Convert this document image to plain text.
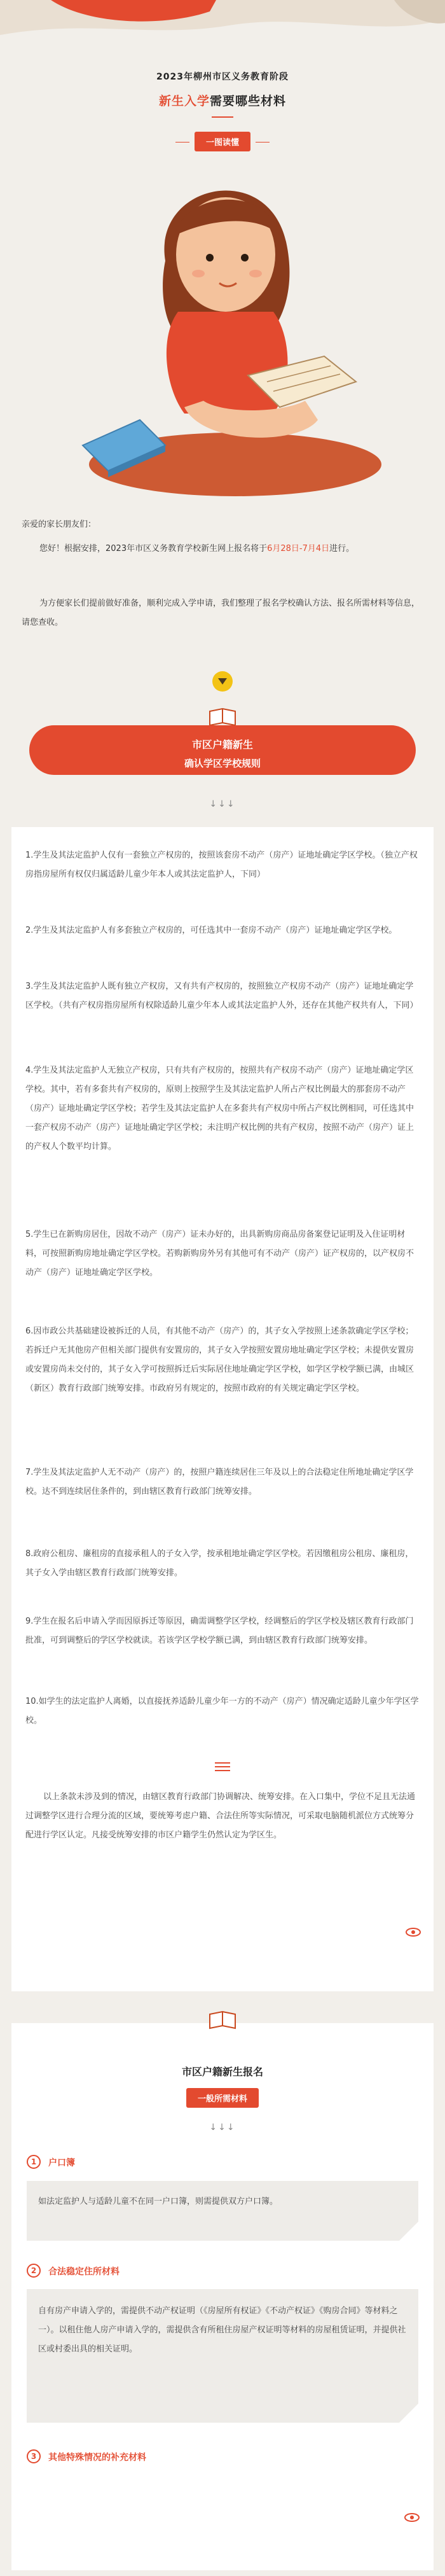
2023年柳州市区义务教育阶段
新生入学需要哪些材料
一图读懂
亲爱的家长朋友们：
您好！根据安排，2023年市区义务教育学校新生网上报名将于6月28日-7月4日进行。
为方便家长们提前做好准备，顺利完成入学申请，我们整理了报名学校确认方法、报名所需材料等信息，请您查收。
市区户籍新生
确认学区学校规则
↓↓↓

1.学生及其法定监护人仅有一套独立产权房的，按照该套房不动产（房产）证地址确定学区学校。（独立产权房指房屋所有权仅归属适龄儿童少年本人或其法定监护人，下同）

2.学生及其法定监护人有多套独立产权房的，可任选其中一套房不动产（房产）证地址确定学区学校。

3.学生及其法定监护人既有独立产权房，又有共有产权房的，按照独立产权房不动产（房产）证地址确定学区学校。（共有产权房指房屋所有权除适龄儿童少年本人或其法定监护人外，还存在其他产权共有人，下同）

4.学生及其法定监护人无独立产权房，只有共有产权房的，按照共有产权房不动产（房产）证地址确定学区学校。其中，若有多套共有产权房的，原则上按照学生及其法定监护人所占产权比例最大的那套房不动产（房产）证地址确定学区学校；若学生及其法定监护人在多套共有产权房中所占产权比例相同，可任选其中一套产权房不动产（房产）证地址确定学区学校；未注明产权比例的共有产权房，按照不动产（房产）证上的产权人个数平均计算。

5.学生已在新购房居住，因故不动产（房产）证未办好的，出具新购房商品房备案登记证明及入住证明材料，可按照新购房地址确定学区学校。若购新购房外另有其他可有不动产（房产）证产权房的，以产权房不动产（房产）证地址确定学区学校。

6.因市政公共基础建设被拆迁的人员，有其他不动产（房产）的，其子女入学按照上述条款确定学区学校；若拆迁户无其他房产但相关部门提供有安置房的，其子女入学按照安置房地址确定学区学校；未提供安置房或安置房尚未交付的，其子女入学可按照拆迁后实际居住地址确定学区学校，如学区学校学额已满，由城区（新区）教育行政部门统筹安排。市政府另有规定的，按照市政府的有关规定确定学区学校。

7.学生及其法定监护人无不动产（房产）的，按照户籍连续居住三年及以上的合法稳定住所地址确定学区学校。达不到连续居住条件的，到由辖区教育行政部门统筹安排。

8.政府公租房、廉租房的直接承租人的子女入学，按承租地址确定学区学校。若因缴租房公租房、廉租房，其子女入学由辖区教育行政部门统筹安排。

9.学生在报名后申请入学而因原拆迁等原因，确需调整学区学校，经调整后的学区学校及辖区教育行政部门批准，可到调整后的学区学校就读。若该学区学校学额已满，到由辖区教育行政部门统筹安排。

10.如学生的法定监护人离婚，以直接抚养适龄儿童少年一方的不动产（房产）情况确定适龄儿童少年学区学校。

以上条款未涉及到的情况，由辖区教育行政部门协调解决、统筹安排。在入口集中，学位不足且无法通过调整学区进行合理分流的区域，要统筹考虑户籍、合法住所等实际情况，可采取电脑随机派位方式统筹分配进行学区认定。凡接受统筹安排的市区户籍学生仍然认定为学区生。

市区户籍新生报名
一般所需材料
↓↓↓
1	户口簿

如法定监护人与适龄儿童不在同一户口簿，则需提供双方户口簿。

2	合法稳定住所材料

自有房产申请入学的，需提供不动产权证明（《房屋所有权证》《不动产权证》《购房合同》等材料之一）。以租住他人房产申请入学的，需提供含有所租住房屋产权证明等材料的房屋租赁证明，并提供社区或村委出具的相关证明。

3	其他特殊情况的补充材料
